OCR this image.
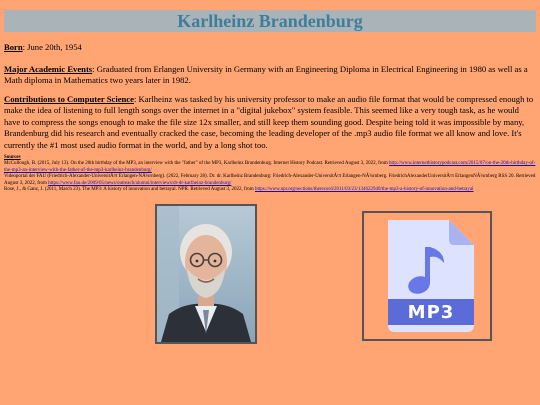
Karlheinz Brandenburg
Born: June 20th, 1954
Major Academic Events: Graduated from Erlangen University in Germany with an Engineering Diploma in Electrical Engineering in 1980 as well as a Math diploma in Mathematics two years later in 1982.
Contributions to Computer Science: Karlheinz was tasked by his university professor to make an audio file format that would be compressed enough to make the idea of listening to full length songs over the internet in a "digital jukebox" system feasible. This seemed like a very tough task, as he would have to compress the songs enough to make the file size 12x smaller, and still keep them sounding good. Despite being told it was impossible by many, Brandenburg did his research and eventually cracked the case, becoming the leading developer of the .mp3 audio file format we all know and love. It's currently the #1 most used audio format in the world, and by a long shot too.
Sources
McCullough, B. (2015, July 13). On the 20th birthday of the MP3, an interview with the "father" of the MP3, Karlheinz Brandenburg. Internet History Podcast. Retrieved August 3, 2022, from http://www.internethistorypodcast.com/2015/07/on-the-20th-birthday-of-the-mp3-an-interview-with-the-father-of-the-mp3-karlheinz-brandenburg/
Videoportal der FAU (Friedrich-Alexander-UniversitÃ¤t Erlangen-NÃ¼rnberg). (2022, February 28). Dr. dr. Karlheinz Brandenburg: Friedrich-Alexander-UniversitÃ¤t Erlangen-NÃ¼rnberg. FriedrichAlexanderUniversitÃ¤t ErlangenNÃ¼rnberg RSS 20. Retrieved August 3, 2022, from https://www.fau.de/2009/05/news/outreach/alumni/interviews/dr-dr-karlheinz-brandenburg/
Rose, J., & Ganz, J. (2011, March 23). The MP3: A history of innovation and betrayal. NPR. Retrieved August 3, 2022, from https://www.npr.org/sections/therecord/2011/03/23/134622940/the-mp3-a-history-of-innovation-and-betrayal
MP3
